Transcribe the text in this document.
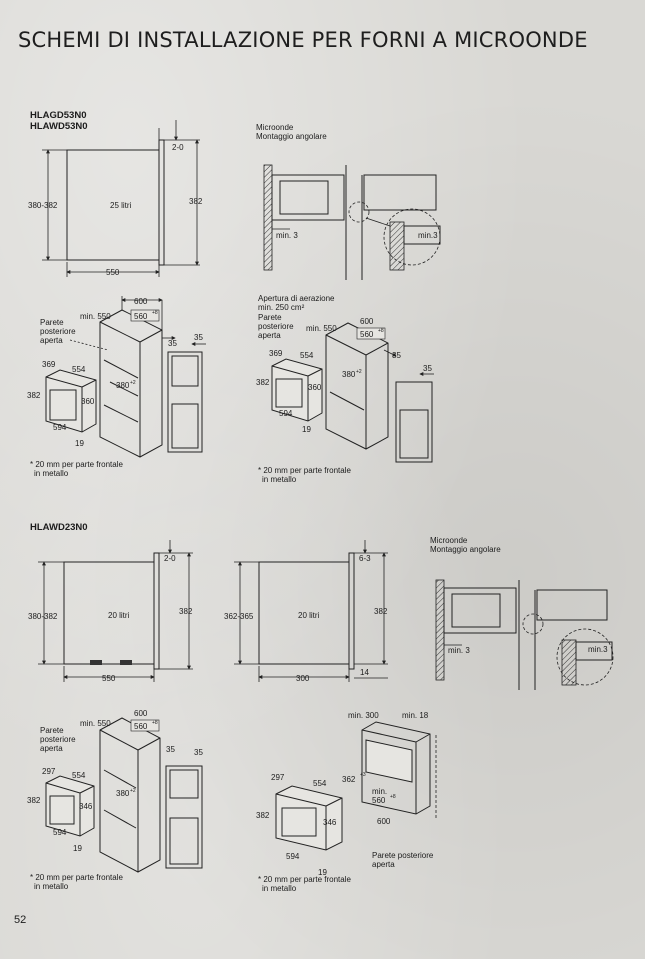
SCHEMI DI INSTALLAZIONE PER FORNI A MICROONDE
HLAGD53N0
HLAWD53N0
HLAWD23N0
52
380-382	25 litri	382
2-0
550
Microonde
Montaggio angolare
min. 3	min.3
Parete
posteriore
aperta
600
min. 550	560 +8
35
380 +2
35
369
554
382
360
594
19
* 20 mm per parte frontale
in metallo
Apertura di aerazione
min. 250 cm²
Parete
posteriore
aperta
min. 550
600
560 +8
35
380 +2	35
369 554
382
360
594
19
* 20 mm per parte frontale
in metallo
380-382	20 litri	382
2-0
550
362-365	20 litri	382
6-3
300
14
Microonde
Montaggio angolare
min. 3	min.3
Parete
posteriore
aperta
min. 550
600
560 +8
35
380 +2
35
297 554
382
346
594
19
* 20 mm per parte frontale
in metallo
min. 300	min. 18
362 +3
min.
560 +8
600
297
554
382
346
594
19
Parete posteriore
aperta
* 20 mm per parte frontale
in metallo
